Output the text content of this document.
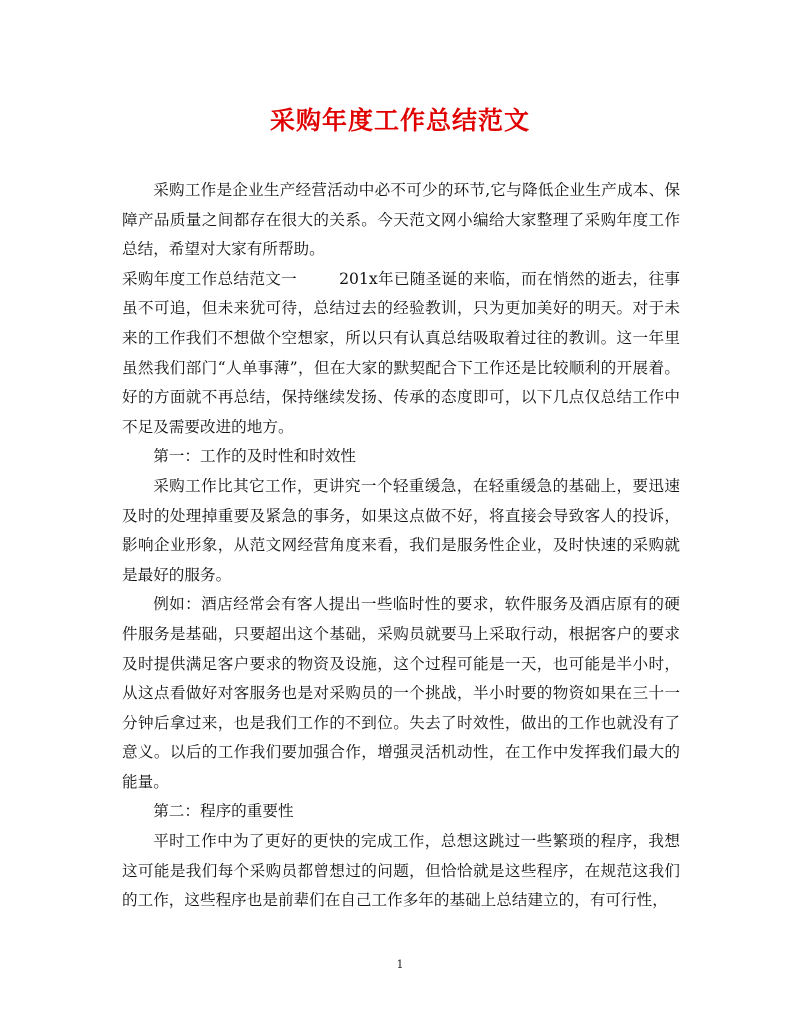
采购年度工作总结范文

采购工作是企业生产经营活动中必不可少的环节,它与降低企业生产成本、保障产品质量之间都存在很大的关系。今天范文网小编给大家整理了采购年度工作总结，希望对大家有所帮助。

采购年度工作总结范文一	201x年已随圣诞的来临，而在悄然的逝去，往事虽不可追，但未来犹可待，总结过去的经验教训，只为更加美好的明天。对于未来的工作我们不想做个空想家，所以只有认真总结吸取着过往的教训。这一年里虽然我们部门“人单事薄”，但在大家的默契配合下工作还是比较顺利的开展着。好的方面就不再总结，保持继续发扬、传承的态度即可，以下几点仅总结工作中不足及需要改进的地方。

第一：工作的及时性和时效性

采购工作比其它工作，更讲究一个轻重缓急，在轻重缓急的基础上，要迅速及时的处理掉重要及紧急的事务，如果这点做不好，将直接会导致客人的投诉，影响企业形象，从范文网经营角度来看，我们是服务性企业，及时快速的采购就是最好的服务。

例如：酒店经常会有客人提出一些临时性的要求，软件服务及酒店原有的硬件服务是基础，只要超出这个基础，采购员就要马上采取行动，根据客户的要求及时提供满足客户要求的物资及设施，这个过程可能是一天，也可能是半小时，从这点看做好对客服务也是对采购员的一个挑战，半小时要的物资如果在三十一分钟后拿过来，也是我们工作的不到位。失去了时效性，做出的工作也就没有了意义。以后的工作我们要加强合作，增强灵活机动性，在工作中发挥我们最大的能量。

第二：程序的重要性

平时工作中为了更好的更快的完成工作，总想这跳过一些繁琐的程序，我想这可能是我们每个采购员都曾想过的问题，但恰恰就是这些程序，在规范这我们的工作，这些程序也是前辈们在自己工作多年的基础上总结建立的，有可行性，

1
